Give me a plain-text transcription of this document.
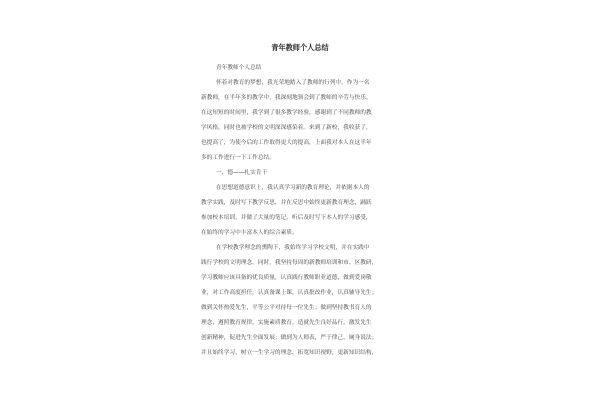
青年教师个人总结
青年教师个人总结
怀着对教育的梦想，我光荣地踏入了教师的行列中。作为一名
新教师，在半年多的教学中，我深刻地领会到了教师的辛劳与快乐。
在这短短的时间里，我学到了很多教学经验，感谢到了不同教师的教
学风格，同时也被学校的文明深深感染着。来到了新校，我收获了，
也提高了，为使今后的工作取得更大的提高，上面我对本人在这半年
多的工作进行一下工作总结。
一、德——扎实肯干
在思想道德意识上，我认真学习新的教育理论，并依据本人的
教学实践，及时写下教学反思，并在反思中始终更新教育理念，踊跃
参加校本培训，并做了大量的笔记，听后及时写下本人的学习感受，
在始终的学习中丰富本人的综合素质。
在学校教学理念的熏陶下，我始终学习学校文明，并在实践中
践行学校的文明理念。同时，我坚持每周的新教师培训和市、区教研，
学习教师应该具备的优良质量，认真践行教师职业道德，做到爱岗敬
业，对工作高度担任，认真备课上课，认真批改作业，认真辅导先生；
做到关怀热爱先生，平等公平对待每一位先生；做到坚持教书育人的
理念，遵照教育规律，实施素质教育，造就先生良好品行，激发先生
创新精神，促进先生全面发展；做到为人师表，严于律己，厕身说法；
并且始终学习，树立一生学习的理念，拓宽知识视野，更新知识结构，
